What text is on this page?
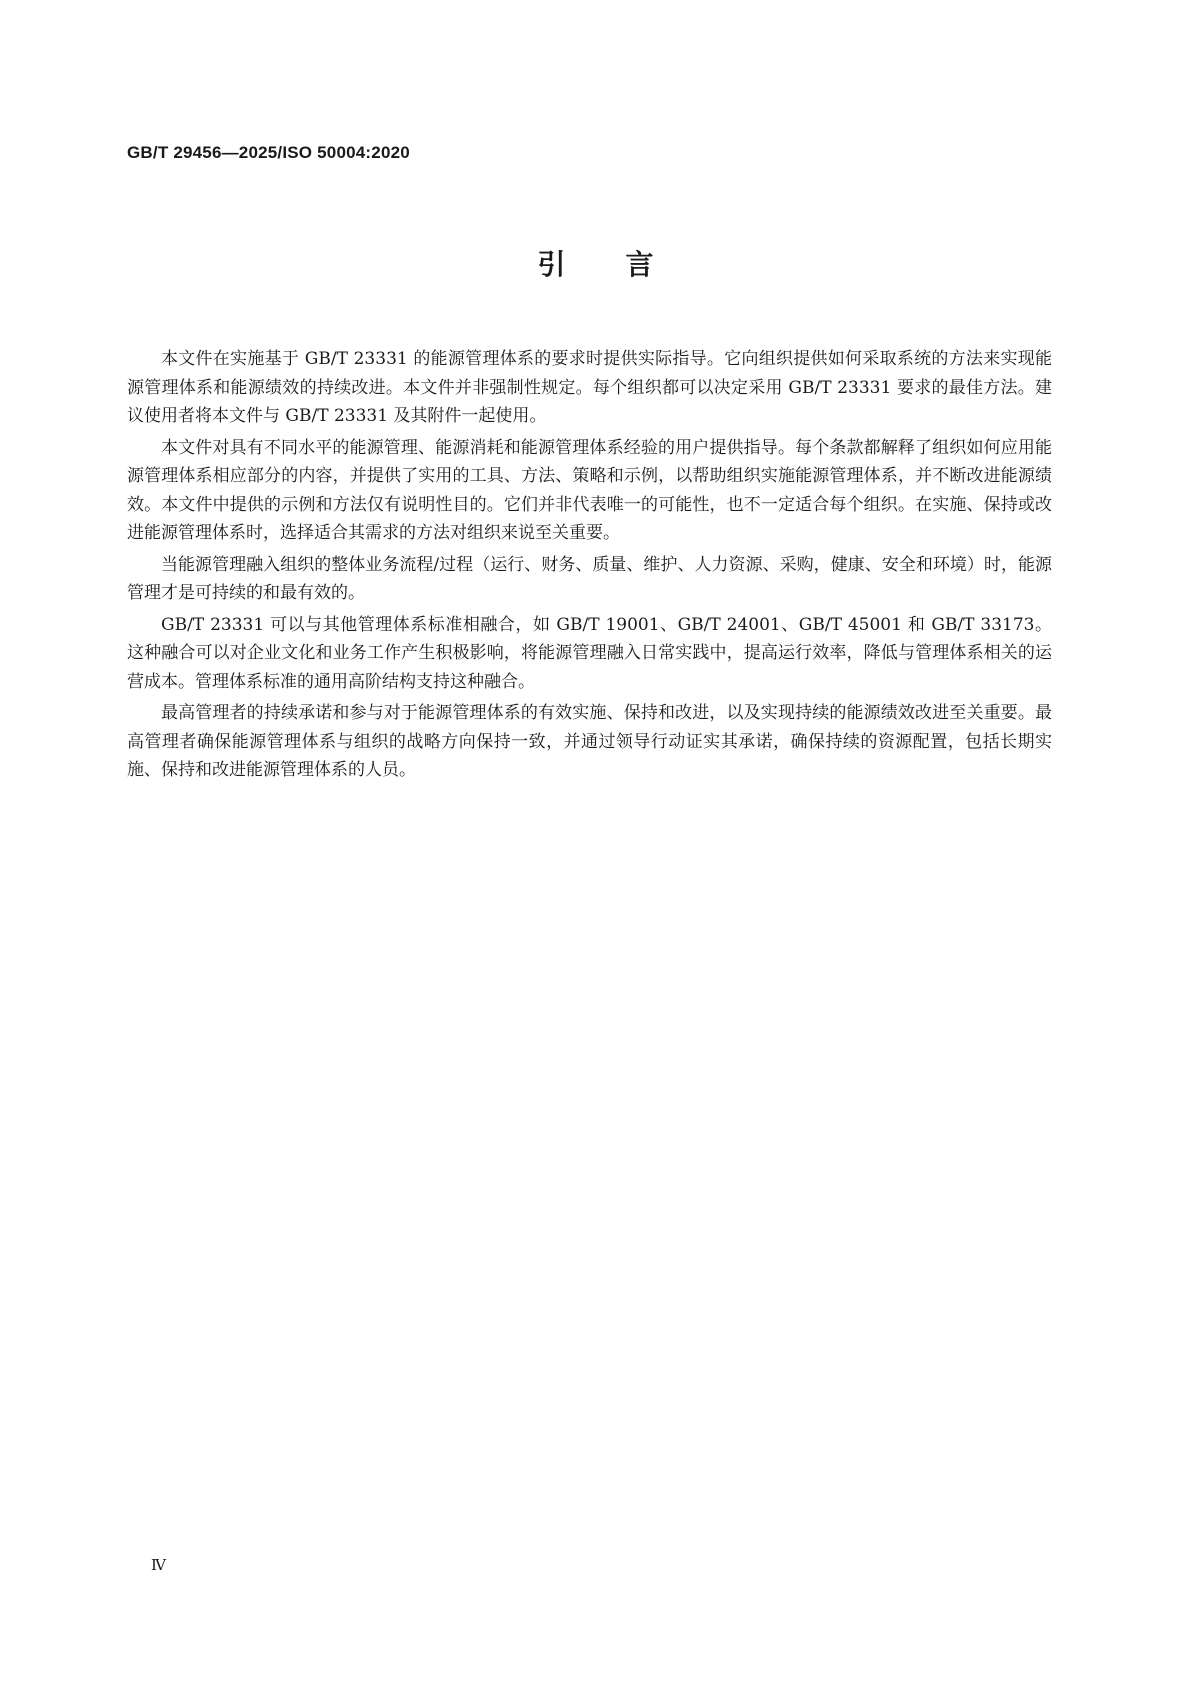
GB/T 29456—2025/ISO 50004:2020
引言

本文件在实施基于 GB/T 23331 的能源管理体系的要求时提供实际指导。它向组织提供如何采取系统的方法来实现能源管理体系和能源绩效的持续改进。本文件并非强制性规定。每个组织都可以决定采用 GB/T 23331 要求的最佳方法。建议使用者将本文件与 GB/T 23331 及其附件一起使用。

本文件对具有不同水平的能源管理、能源消耗和能源管理体系经验的用户提供指导。每个条款都解释了组织如何应用能源管理体系相应部分的内容，并提供了实用的工具、方法、策略和示例，以帮助组织实施能源管理体系，并不断改进能源绩效。本文件中提供的示例和方法仅有说明性目的。它们并非代表唯一的可能性，也不一定适合每个组织。在实施、保持或改进能源管理体系时，选择适合其需求的方法对组织来说至关重要。

当能源管理融入组织的整体业务流程/过程（运行、财务、质量、维护、人力资源、采购，健康、安全和环境）时，能源管理才是可持续的和最有效的。

GB/T 23331 可以与其他管理体系标准相融合，如 GB/T 19001、GB/T 24001、GB/T 45001 和 GB/T 33173。这种融合可以对企业文化和业务工作产生积极影响，将能源管理融入日常实践中，提高运行效率，降低与管理体系相关的运营成本。管理体系标准的通用高阶结构支持这种融合。

最高管理者的持续承诺和参与对于能源管理体系的有效实施、保持和改进，以及实现持续的能源绩效改进至关重要。最高管理者确保能源管理体系与组织的战略方向保持一致，并通过领导行动证实其承诺，确保持续的资源配置，包括长期实施、保持和改进能源管理体系的人员。

Ⅳ
